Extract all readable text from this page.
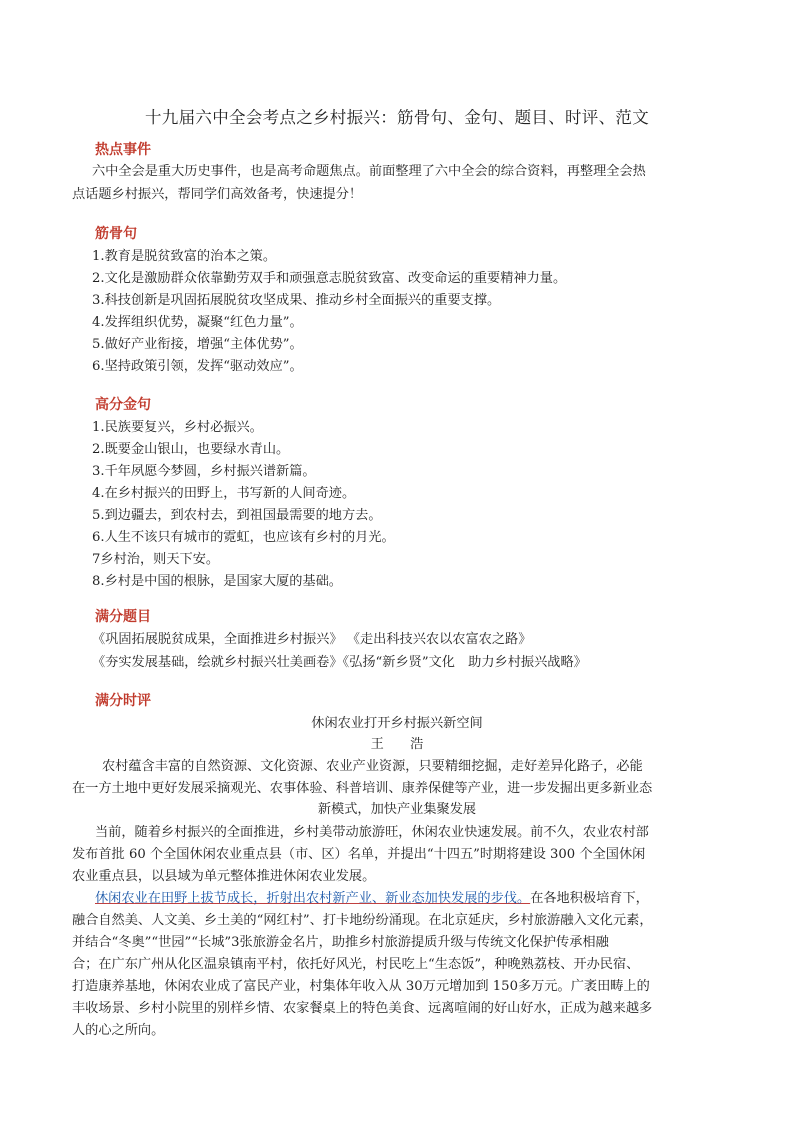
十九届六中全会考点之乡村振兴：筋骨句、金句、题目、时评、范文
热点事件
六中全会是重大历史事件，也是高考命题焦点。前面整理了六中全会的综合资料，再整理全会热
点话题乡村振兴，帮同学们高效备考，快速提分！
筋骨句
1.教育是脱贫致富的治本之策。
2.文化是激励群众依靠勤劳双手和顽强意志脱贫致富、改变命运的重要精神力量。
3.科技创新是巩固拓展脱贫攻坚成果、推动乡村全面振兴的重要支撑。
4.发挥组织优势，凝聚“红色力量”。
5.做好产业衔接，增强“主体优势”。
6.坚持政策引领，发挥“驱动效应”。
高分金句
1.民族要复兴，乡村必振兴。
2.既要金山银山，也要绿水青山。
3.千年夙愿今梦圆，乡村振兴谱新篇。
4.在乡村振兴的田野上，书写新的人间奇迹。
5.到边疆去，到农村去，到祖国最需要的地方去。
6.人生不该只有城市的霓虹，也应该有乡村的月光。
7乡村治，则天下安。
8.乡村是中国的根脉，是国家大厦的基础。
满分题目
《巩固拓展脱贫成果，全面推进乡村振兴》 《走出科技兴农以农富农之路》
《夯实发展基础，绘就乡村振兴壮美画卷》《弘扬“新乡贤”文化　助力乡村振兴战略》
满分时评
休闲农业打开乡村振兴新空间
王　　浩
农村蕴含丰富的自然资源、文化资源、农业产业资源，只要精细挖掘，走好差异化路子，必能
在一方土地中更好发展采摘观光、农事体验、科普培训、康养保健等产业，进一步发掘出更多新业态
新模式，加快产业集聚发展
当前，随着乡村振兴的全面推进，乡村美带动旅游旺，休闲农业快速发展。前不久，农业农村部
发布首批 60 个全国休闲农业重点县（市、区）名单，并提出“十四五”时期将建设 300 个全国休闲
农业重点县，以县域为单元整体推进休闲农业发展。
休闲农业在田野上拔节成长，折射出农村新产业、新业态加快发展的步伐。在各地积极培育下，
融合自然美、人文美、乡土美的“网红村”、打卡地纷纷涌现。在北京延庆，乡村旅游融入文化元素，
并结合“冬奥”“世园”“长城”3张旅游金名片，助推乡村旅游提质升级与传统文化保护传承相融
合；在广东广州从化区温泉镇南平村，依托好风光，村民吃上“生态饭”，种晚熟荔枝、开办民宿、
打造康养基地，休闲农业成了富民产业，村集体年收入从 30万元增加到 150多万元。广袤田畴上的
丰收场景、乡村小院里的别样乡情、农家餐桌上的特色美食、远离喧闹的好山好水，正成为越来越多
人的心之所向。
